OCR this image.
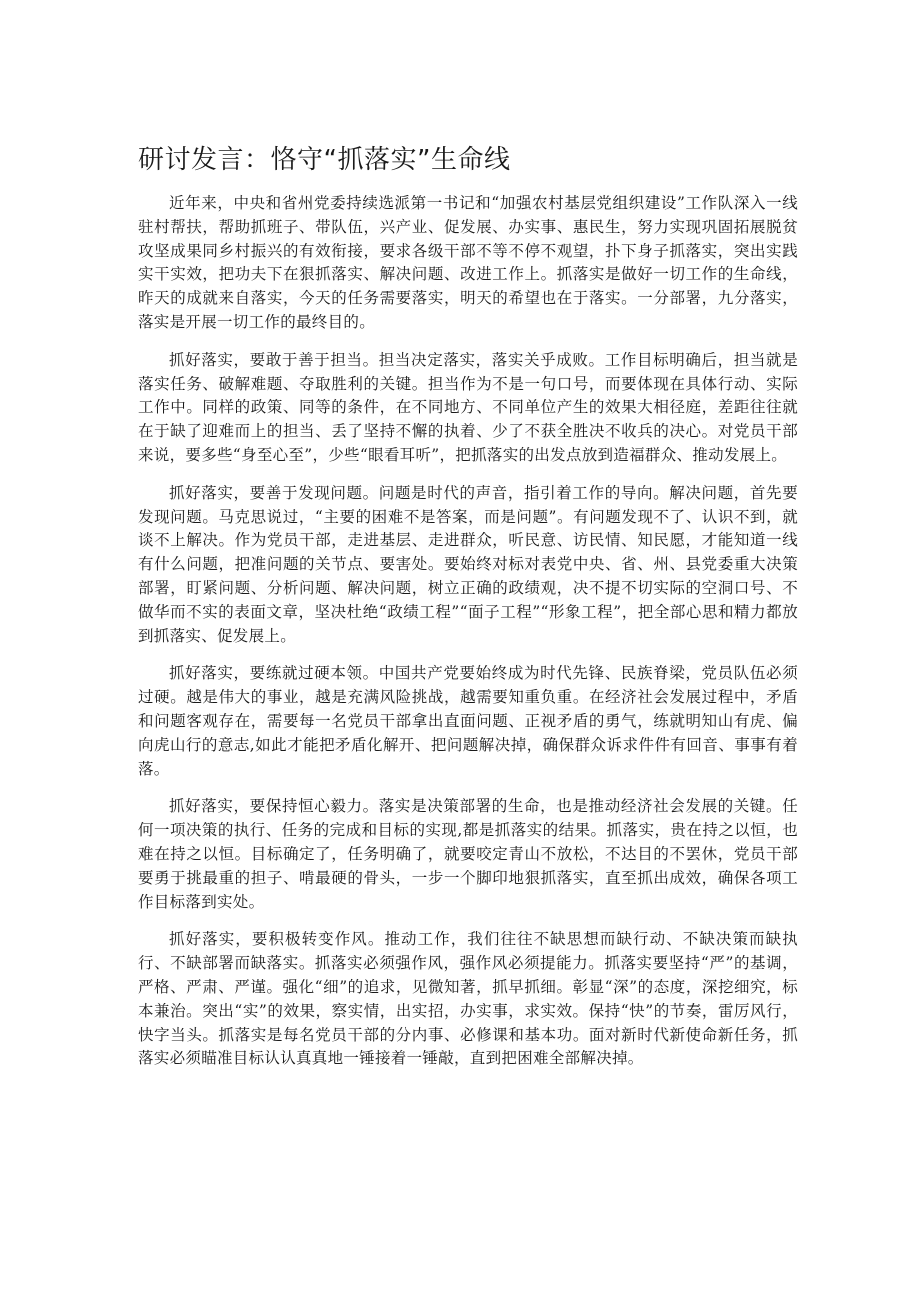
研讨发言：恪守“抓落实”生命线

近年来，中央和省州党委持续选派第一书记和“加强农村基层党组织建设”工作队深入一线驻村帮扶，帮助抓班子、带队伍，兴产业、促发展、办实事、惠民生，努力实现巩固拓展脱贫攻坚成果同乡村振兴的有效衔接，要求各级干部不等不停不观望，扑下身子抓落实，突出实践实干实效，把功夫下在狠抓落实、解决问题、改进工作上。抓落实是做好一切工作的生命线，昨天的成就来自落实，今天的任务需要落实，明天的希望也在于落实。一分部署，九分落实，落实是开展一切工作的最终目的。

抓好落实，要敢于善于担当。担当决定落实，落实关乎成败。工作目标明确后，担当就是落实任务、破解难题、夺取胜利的关键。担当作为不是一句口号，而要体现在具体行动、实际工作中。同样的政策、同等的条件，在不同地方、不同单位产生的效果大相径庭，差距往往就在于缺了迎难而上的担当、丢了坚持不懈的执着、少了不获全胜决不收兵的决心。对党员干部来说，要多些“身至心至”，少些“眼看耳听”，把抓落实的出发点放到造福群众、推动发展上。

抓好落实，要善于发现问题。问题是时代的声音，指引着工作的导向。解决问题，首先要发现问题。马克思说过，“主要的困难不是答案，而是问题”。有问题发现不了、认识不到，就谈不上解决。作为党员干部，走进基层、走进群众，听民意、访民情、知民愿，才能知道一线有什么问题，把准问题的关节点、要害处。要始终对标对表党中央、省、州、县党委重大决策部署，盯紧问题、分析问题、解决问题，树立正确的政绩观，决不提不切实际的空洞口号、不做华而不实的表面文章，坚决杜绝“政绩工程”“面子工程”“形象工程”，把全部心思和精力都放到抓落实、促发展上。

抓好落实，要练就过硬本领。中国共产党要始终成为时代先锋、民族脊梁，党员队伍必须过硬。越是伟大的事业，越是充满风险挑战，越需要知重负重。在经济社会发展过程中，矛盾和问题客观存在，需要每一名党员干部拿出直面问题、正视矛盾的勇气，练就明知山有虎、偏向虎山行的意志,如此才能把矛盾化解开、把问题解决掉，确保群众诉求件件有回音、事事有着落。

抓好落实，要保持恒心毅力。落实是决策部署的生命，也是推动经济社会发展的关键。任何一项决策的执行、任务的完成和目标的实现,都是抓落实的结果。抓落实，贵在持之以恒，也难在持之以恒。目标确定了，任务明确了，就要咬定青山不放松，不达目的不罢休，党员干部要勇于挑最重的担子、啃最硬的骨头，一步一个脚印地狠抓落实，直至抓出成效，确保各项工作目标落到实处。

抓好落实，要积极转变作风。推动工作，我们往往不缺思想而缺行动、不缺决策而缺执行、不缺部署而缺落实。抓落实必须强作风，强作风必须提能力。抓落实要坚持“严”的基调，严格、严肃、严谨。强化“细”的追求，见微知著，抓早抓细。彰显“深”的态度，深挖细究，标本兼治。突出“实”的效果，察实情，出实招，办实事，求实效。保持“快”的节奏，雷厉风行，快字当头。抓落实是每名党员干部的分内事、必修课和基本功。面对新时代新使命新任务，抓落实必须瞄准目标认认真真地一锤接着一锤敲，直到把困难全部解决掉。
